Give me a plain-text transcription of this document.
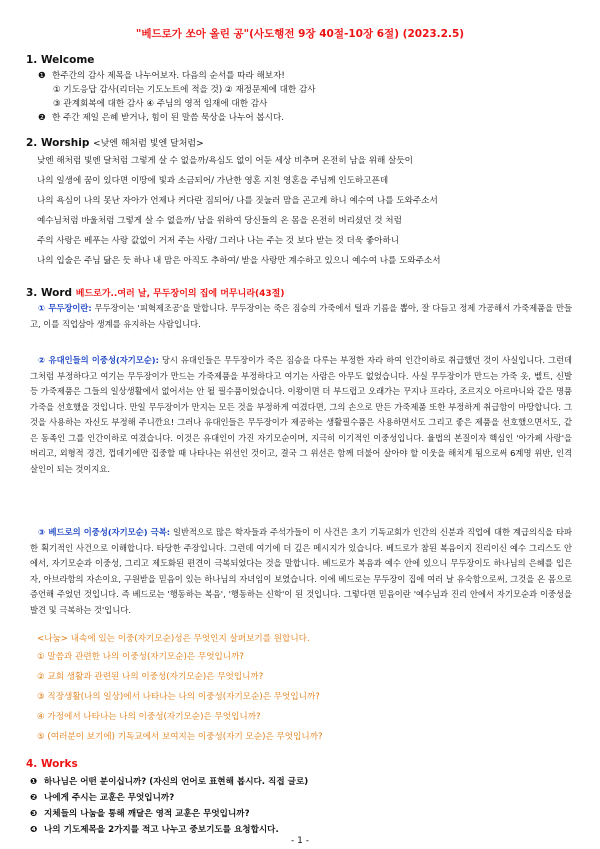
"베드로가 쏘아 올린 공"(사도행전 9장 40절-10장 6절) (2023.2.5)
1. Welcome
❶ 한주간의 감사 제목을 나누어보자. 다음의 순서를 따라 해보자!
① 기도응답 감사(리더는 기도노트에 적을 것) ② 재정문제에 대한 감사
③ 관계회복에 대한 감사 ④ 주님의 영적 임재에 대한 감사
❷ 한 주간 제일 은혜 받거나, 힘이 된 말씀 묵상을 나누어 봅시다.
2. Worship <낮엔 해처럼 빛엔 달처럼>
낮엔 해처럼 빛엔 달처럼 그렇게 살 수 없을까/욕심도 없이 어둔 세상 비추며 온전히 남을 위해 살듯이
나의 일생에 꿈이 있다면 이땅에 빛과 소금되어/ 가난한 영혼 지친 영혼을 주님께 인도하고픈데
나의 욕심이 나의 못난 자아가 언제나 커다란 짐되어/ 나를 짓눌러 맘을 곤고케 하니 예수여 나를 도와주소서
예수님처럼 바울처럼 그렇게 살 수 없을까/ 남을 위하여 당신들의 온 몸을 온전히 버리셨던 것 처럼
주의 사랑은 베푸는 사랑 값없이 거저 주는 사랑/ 그러나 나는 주는 것 보다 받는 것 더욱 좋아하니
나의 입술은 주님 닮은 듯 하나 내 맘은 아직도 추하여/ 받을 사랑만 계수하고 있으니 예수여 나를 도와주소서
3. Word 베드로가..여러 날, 무두장이의 집에 머무니라(43절)

① 무두장이란: 무두장이는 '피혁제조공'을 말합니다. 무두장이는 죽은 짐승의 가죽에서 털과 기름을 뽑아, 잘 다듬고 정제 가공해서 가죽제품을 만들고, 이를 직업삼아 생계를 유지하는 사람입니다.

② 유대인들의 이중성(자기모순): 당시 유대인들은 무두장이가 죽은 짐승을 다루는 부정한 자라 하여 인간이하로 취급했던 것이 사실입니다. 그런데 그처럼 부정하다고 여기는 무두장이가 만드는 가죽제품을 부정하다고 여기는 사람은 아무도 없었습니다. 사실 무두장이가 만드는 가죽 옷, 벨트, 신발 등 가죽제품은 그들의 일상생활에서 없어서는 안 될 필수품이었습니다. 이왕이면 더 부드럽고 오래가는 꾸지나 프라다, 조르지오 아르마니와 같은 명품 가죽을 선호했을 것입니다. 만일 무두장이가 만지는 모든 것을 부정하게 여겼다면, 그의 손으로 만든 가죽제품 또한 부정하게 취급함이 마땅합니다. 그것을 사용하는 자신도 부정해 주니깐요! 그러나 유대인들은 무두장이가 제공하는 생활필수품은 사용하면서도 그리고 좋은 제품을 선호했으면서도, 같은 동족인 그를 인간이하로 여겼습니다. 이것은 유대인이 가진 자기모순이며, 지극히 이기적인 이중성입니다. 율법의 본질이자 핵심인 '아가페 사랑'을 버리고, 외형적 경건, 껍데기에만 집중할 때 나타나는 위선인 것이고, 결국 그 위선은 함께 더불어 살아야 할 이웃을 해치게 됨으로써 6계명 위반, 인격 살인이 되는 것이지요.

③ 베드로의 이중성(자기모순) 극복: 일반적으로 많은 학자들과 주석가들이 이 사건은 초기 기독교회가 인간의 신분과 직업에 대한 계급의식을 타파한 획기적인 사건으로 이해합니다. 타당한 주장입니다. 그런데 여기에 더 깊은 메시지가 있습니다. 베드로가 참된 복음이지 진리이신 예수 그리스도 안에서, 자기모순과 이중성, 그리고 제도화된 편견이 극복되었다는 것을 말합니다. 베드로가 복음과 예수 안에 있으니 무두장이도 하나님의 은혜를 입은 자, 아브라함의 자손이요, 구원받을 믿음이 있는 하나님의 자녀임이 보였습니다. 이에 베드로는 무두장이 집에 여러 날 유숙함으로써, 그것을 온 몸으로 증언해 주었던 것입니다. 즉 베드로는 '행동하는 복음', '행동하는 신학'이 된 것입니다. 그렇다면 믿음이란 '예수님과 진리 안에서 자기모순과 이중성을 발견 및 극복하는 것'입니다.

<나눔> 내속에 있는 이중(자기모순)성은 무엇인지 살펴보기를 원합니다.
① 말씀과 관련한 나의 이중성(자기모순)은 무엇입니까?
② 교회 생활과 관련된 나의 이중성(자기모순)은 무엇입니까?
③ 직장생활(나의 일상)에서 나타나는 나의 이중성(자기모순)은 무엇입니까?
④ 가정에서 나타나는 나의 이중성(자기모순)은 무엇입니까?
⑤ (여러분이 보기에) 기독교에서 보여지는 이중성(자기 모순)은 무엇입니까?
4. Works
❶ 하나님은 어떤 분이십니까? (자신의 언어로 표현해 봅시다. 직접 글로)
❷ 나에게 주시는 교훈은 무엇입니까?
❸ 지체들의 나눔을 통해 깨달은 영적 교훈은 무엇입니까?
❹ 나의 기도제목을 2가지를 적고 나누고 중보기도를 요청합시다.
- 1 -
